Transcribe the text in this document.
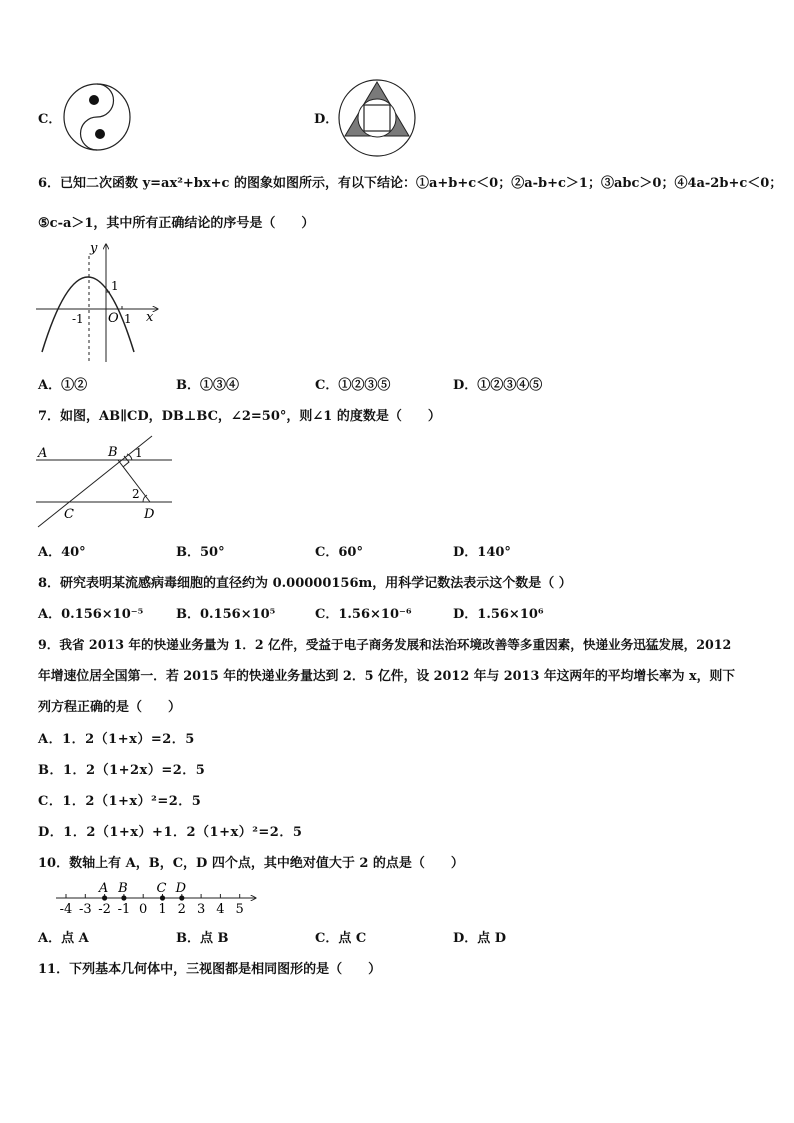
C．	D．
6．已知二次函数 y=ax²+bx+c 的图象如图所示，有以下结论：①a+b+c＜0；②a-b+c＞1；③abc＞0；④4a-2b+c＜0；
⑤c-a＞1，其中所有正确结论的序号是（　　）
y
x
O
1
1
-1
A．①②	B．①③④	C．①②③⑤	D．①②③④⑤
7．如图，AB∥CD，DB⊥BC，∠2=50°，则∠1 的度数是（　　）
A	B
C	D
1
2
A．40°	B．50°	C．60°	D．140°
8．研究表明某流感病毒细胞的直径约为 0.00000156m，用科学记数法表示这个数是（ ）
A．0.156×10⁻⁵	B．0.156×10⁵	C．1.56×10⁻⁶	D．1.56×10⁶
9．我省 2013 年的快递业务量为 1．2 亿件，受益于电子商务发展和法治环境改善等多重因素，快递业务迅猛发展，2012
年增速位居全国第一．若 2015 年的快递业务量达到 2．5 亿件，设 2012 年与 2013 年这两年的平均增长率为 x，则下
列方程正确的是（　　）
A．1．2（1+x）=2．5
B．1．2（1+2x）=2．5
C．1．2（1+x）²=2．5
D．1．2（1+x）+1．2（1+x）²=2．5
10．数轴上有 A，B，C，D 四个点，其中绝对值大于 2 的点是（　　）
-4 -3 -2 -1 0 1 2 3 4 5
A B C D
A．点 A	B．点 B	C．点 C	D．点 D
11．下列基本几何体中，三视图都是相同图形的是（　　）
